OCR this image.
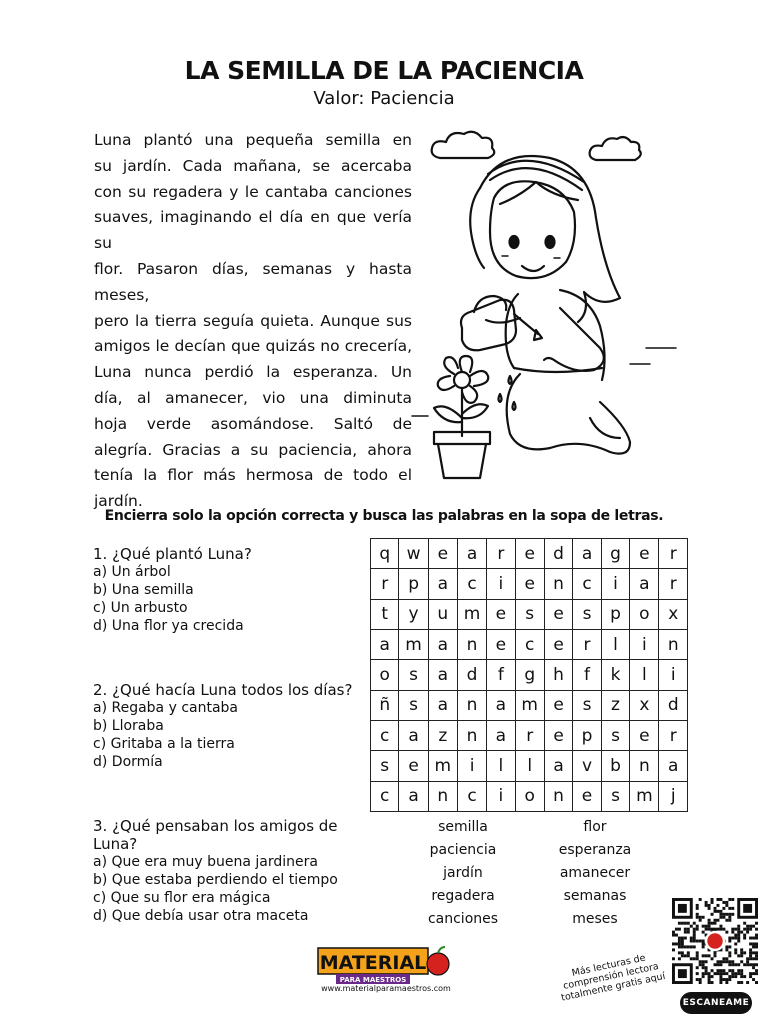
LA SEMILLA DE LA PACIENCIA
Valor: Paciencia
Luna plantó una pequeña semilla en
su jardín. Cada mañana, se acercaba
con su regadera y le cantaba canciones
suaves, imaginando el día en que vería su
flor. Pasaron días, semanas y hasta meses,
pero la tierra seguía quieta. Aunque sus
amigos le decían que quizás no crecería,
Luna nunca perdió la esperanza. Un
día, al amanecer, vio una diminuta
hoja verde asomándose. Saltó de
alegría. Gracias a su paciencia, ahora
tenía la flor más hermosa de todo el
jardín.
Encierra solo la opción correcta y busca las palabras en la sopa de letras.
1. ¿Qué plantó Luna?
a) Un árbol
b) Una semilla
c) Un arbusto
d) Una flor ya crecida
2. ¿Qué hacía Luna todos los días?
a) Regaba y cantaba
b) Lloraba
c) Gritaba a la tierra
d) Dormía
3. ¿Qué pensaban los amigos de Luna?
a) Que era muy buena jardinera
b) Que estaba perdiendo el tiempo
c) Que su flor era mágica
d) Que debía usar otra maceta
q	w	e	a	r	e	d	a	g	e	r
r	p	a	c	i	e	n	c	i	a	r
t	y	u	m	e	s	e	s	p	o	x
a	m	a	n	e	c	e	r	l	i	n
o	s	a	d	f	g	h	f	k	l	i
ñ	s	a	n	a	m	e	s	z	x	d
c	a	z	n	a	r	e	p	s	e	r
s	e	m	i	l	l	a	v	b	n	a
c	a	n	c	i	o	n	e	s	m	j
semilla
paciencia
jardín
regadera
canciones
flor
esperanza
amanecer
semanas
meses
MATERIAL
PARA MAESTROS
www.materialparamaestros.com
Más lecturas de comprensión lectora totalmente gratis aquí	ESCANEAME
